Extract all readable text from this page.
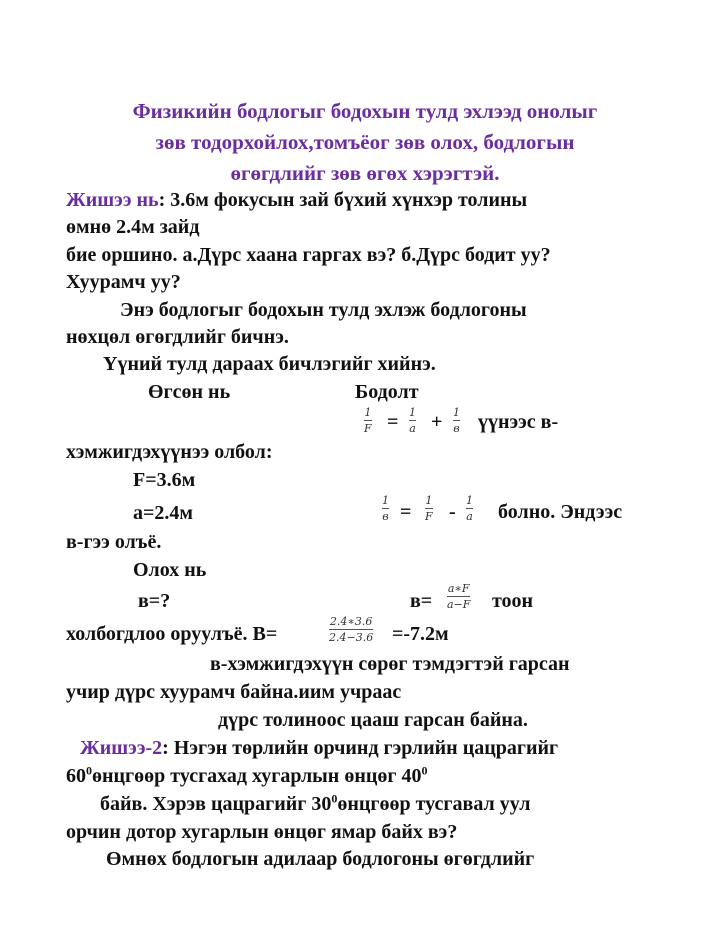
Физикийн бодлогыг бодохын тулд эхлээд онолыг
зөв тодорхойлох,томъёог зөв олох, бодлогын
өгөгдлийг зөв өгөх хэрэгтэй.
Жишээ нь: 3.6м фокусын зай бүхий хүнхэр толины
өмнө 2.4м зайд
бие оршино. а.Дүрс хаана гаргах вэ? б.Дүрс бодит уу?
Хуурамч уу?
Энэ бодлогыг бодохын тулд эхлэж бодлогоны
нөхцөл өгөгдлийг бичнэ.
Үүний тулд дараах бичлэгийг хийнэ.
Өгсөн нь	Бодолт
1
F = 1
a + 1
в үүнээс в-
хэмжигдэхүүнээ олбол:
F=3.6м
а=2.4м
1
в =
1
F -
1
a болно. Эндээс
в-гээ олъё.
Олох нь
в=?	в=
a∗F
a−F тоон
холбогдлоо оруулъё. В=
2.4∗3.6
2.4−3.6 =-7.2м
в-хэмжигдэхүүн сөрөг тэмдэгтэй гарсан
учир дүрс хуурамч байна.иим учраас
дүрс толиноос цааш гарсан байна.
Жишээ-2: Нэгэн төрлийн орчинд гэрлийн цацрагийг
$60^0өнцгөөр$ тусгахад хугарлын өнцөг $40^0$
байв. Хэрэв цацрагийг $30^0өнцгөөр$ тусгавал уул
орчин дотор хугарлын өнцөг ямар байх вэ?
Өмнөх бодлогын адилаар бодлогоны өгөгдлийг
